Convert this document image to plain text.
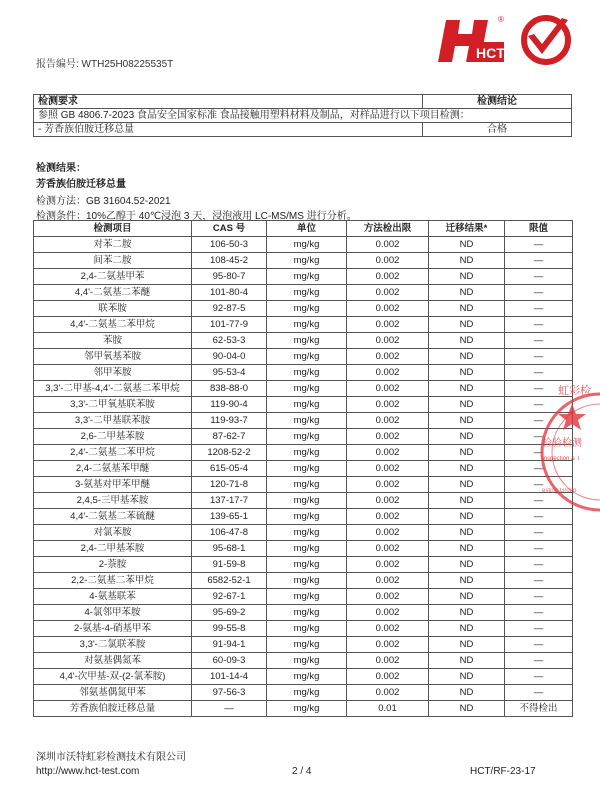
报告编号: WTH25H08225535T
HCT
®
检测要求	检测结论
参照 GB 4806.7-2023 食品安全国家标准 食品接触用塑料材料及制品，对样品进行以下项目检测：	
- 芳香族伯胺迁移总量	合格
检测结果：
芳香族伯胺迁移总量
检测方法：GB 31604.52-2021
检测条件：10%乙醇于 40℃浸泡 3 天，浸泡液用 LC-MS/MS 进行分析。
检测项目	CAS 号	单位	方法检出限	迁移结果*	限值
对苯二胺	106-50-3	mg/kg	0.002	ND	—
间苯二胺	108-45-2	mg/kg	0.002	ND	—
2,4-二氨基甲苯	95-80-7	mg/kg	0.002	ND	—
4,4'-二氨基二苯醚	101-80-4	mg/kg	0.002	ND	—
联苯胺	92-87-5	mg/kg	0.002	ND	—
4,4'-二氨基二苯甲烷	101-77-9	mg/kg	0.002	ND	—
苯胺	62-53-3	mg/kg	0.002	ND	—
邻甲氧基苯胺	90-04-0	mg/kg	0.002	ND	—
邻甲苯胺	95-53-4	mg/kg	0.002	ND	—
3,3'-二甲基-4,4'-二氨基二苯甲烷	838-88-0	mg/kg	0.002	ND	—
3,3'-二甲氧基联苯胺	119-90-4	mg/kg	0.002	ND	—
3,3'-二甲基联苯胺	119-93-7	mg/kg	0.002	ND	—
2,6-二甲基苯胺	87-62-7	mg/kg	0.002	ND	—
2,4'-二氨基二苯甲烷	1208-52-2	mg/kg	0.002	ND	—
2,4-二氨基苯甲醚	615-05-4	mg/kg	0.002	ND	—
3-氨基对甲苯甲醚	120-71-8	mg/kg	0.002	ND	—
2,4,5-三甲基苯胺	137-17-7	mg/kg	0.002	ND	—
4,4'-二氨基二苯硫醚	139-65-1	mg/kg	0.002	ND	—
对氯苯胺	106-47-8	mg/kg	0.002	ND	—
2,4-二甲基苯胺	95-68-1	mg/kg	0.002	ND	—
2-萘胺	91-59-8	mg/kg	0.002	ND	—
2,2-二氨基二苯甲烷	6582-52-1	mg/kg	0.002	ND	—
4-氨基联苯	92-67-1	mg/kg	0.002	ND	—
4-氯邻甲苯胺	95-69-2	mg/kg	0.002	ND	—
2-氨基-4-硝基甲苯	99-55-8	mg/kg	0.002	ND	—
3,3'-二氯联苯胺	91-94-1	mg/kg	0.002	ND	—
对氨基偶氮苯	60-09-3	mg/kg	0.002	ND	—
4,4'-次甲基-双-(2-氯苯胺)	101-14-4	mg/kg	0.002	ND	—
邻氨基偶氮甲苯	97-56-3	mg/kg	0.002	ND	—
芳香族伯胺迁移总量	—	mg/kg	0.01	ND	不得检出
虹彩检
检验检测
Inspection & T
esting Group
深圳市沃特虹彩检测技术有限公司
http://www.hct-test.com	2 / 4	HCT/RF-23-17
